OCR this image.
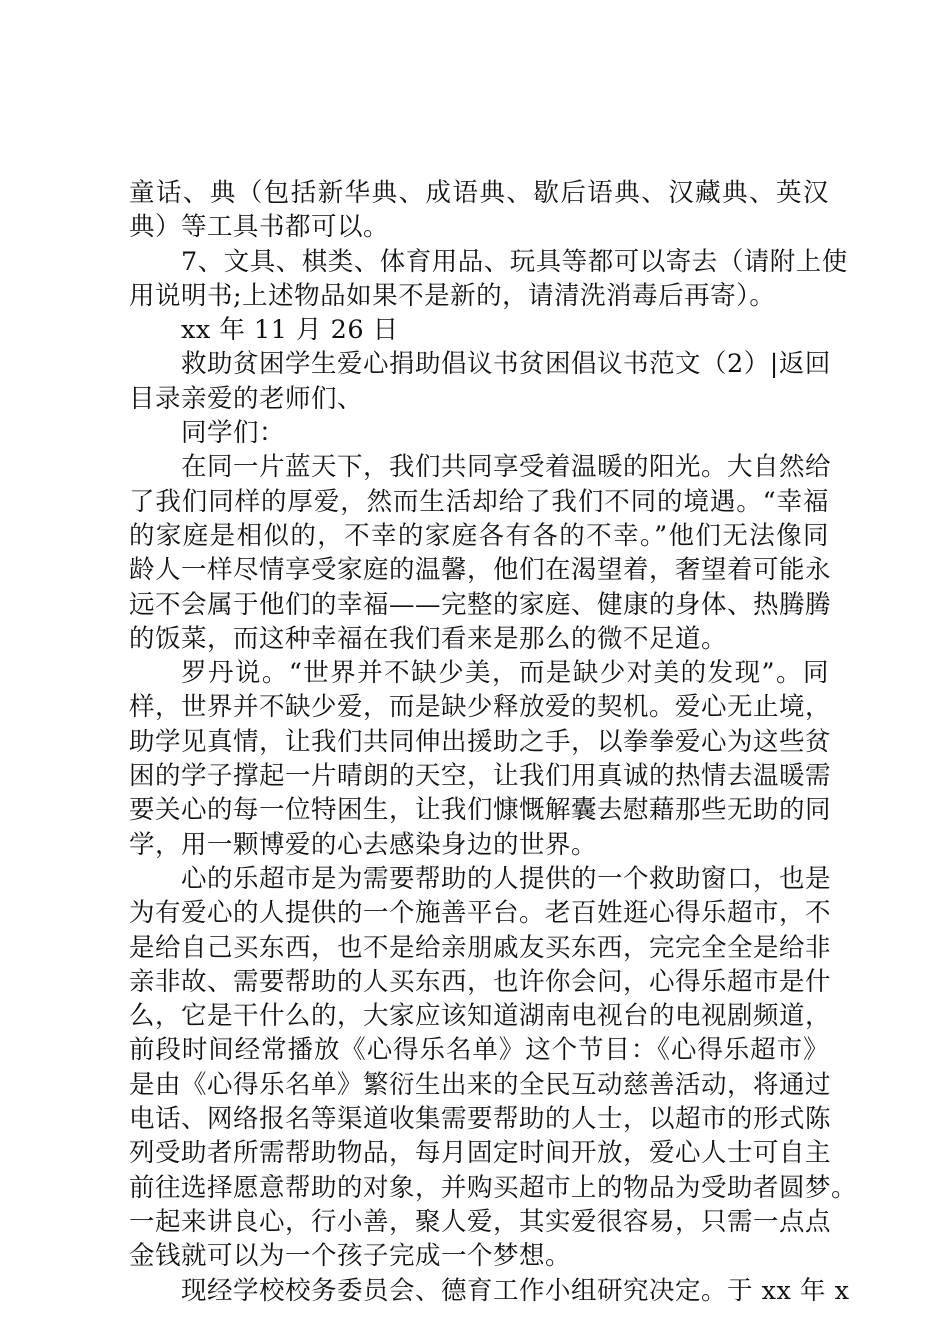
童话、典（包括新华典、成语典、歇后语典、汉藏典、英汉
典）等工具书都可以。
7、文具、棋类、体育用品、玩具等都可以寄去（请附上使
用说明书;上述物品如果不是新的，请清洗消毒后再寄）。
xx 年 11 月 26 日
救助贫困学生爱心捐助倡议书贫困倡议书范文（2）|返回
目录亲爱的老师们、
同学们：
在同一片蓝天下，我们共同享受着温暖的阳光。大自然给
了我们同样的厚爱，然而生活却给了我们不同的境遇。“幸福
的家庭是相似的，不幸的家庭各有各的不幸。”他们无法像同
龄人一样尽情享受家庭的温馨，他们在渴望着，奢望着可能永
远不会属于他们的幸福——完整的家庭、健康的身体、热腾腾
的饭菜，而这种幸福在我们看来是那么的微不足道。
罗丹说。“世界并不缺少美，而是缺少对美的发现”。同
样，世界并不缺少爱，而是缺少释放爱的契机。爱心无止境，
助学见真情，让我们共同伸出援助之手，以拳拳爱心为这些贫
困的学子撑起一片晴朗的天空，让我们用真诚的热情去温暖需
要关心的每一位特困生，让我们慷慨解囊去慰藉那些无助的同
学，用一颗博爱的心去感染身边的世界。
心的乐超市是为需要帮助的人提供的一个救助窗口，也是
为有爱心的人提供的一个施善平台。老百姓逛心得乐超市，不
是给自己买东西，也不是给亲朋戚友买东西，完完全全是给非
亲非故、需要帮助的人买东西，也许你会问，心得乐超市是什
么，它是干什么的，大家应该知道湖南电视台的电视剧频道，
前段时间经常播放《心得乐名单》这个节目：《心得乐超市》
是由《心得乐名单》繁衍生出来的全民互动慈善活动，将通过
电话、网络报名等渠道收集需要帮助的人士，以超市的形式陈
列受助者所需帮助物品，每月固定时间开放，爱心人士可自主
前往选择愿意帮助的对象，并购买超市上的物品为受助者圆梦。
一起来讲良心，行小善，聚人爱，其实爱很容易，只需一点点
金钱就可以为一个孩子完成一个梦想。
现经学校校务委员会、德育工作小组研究决定。于 xx 年 x
